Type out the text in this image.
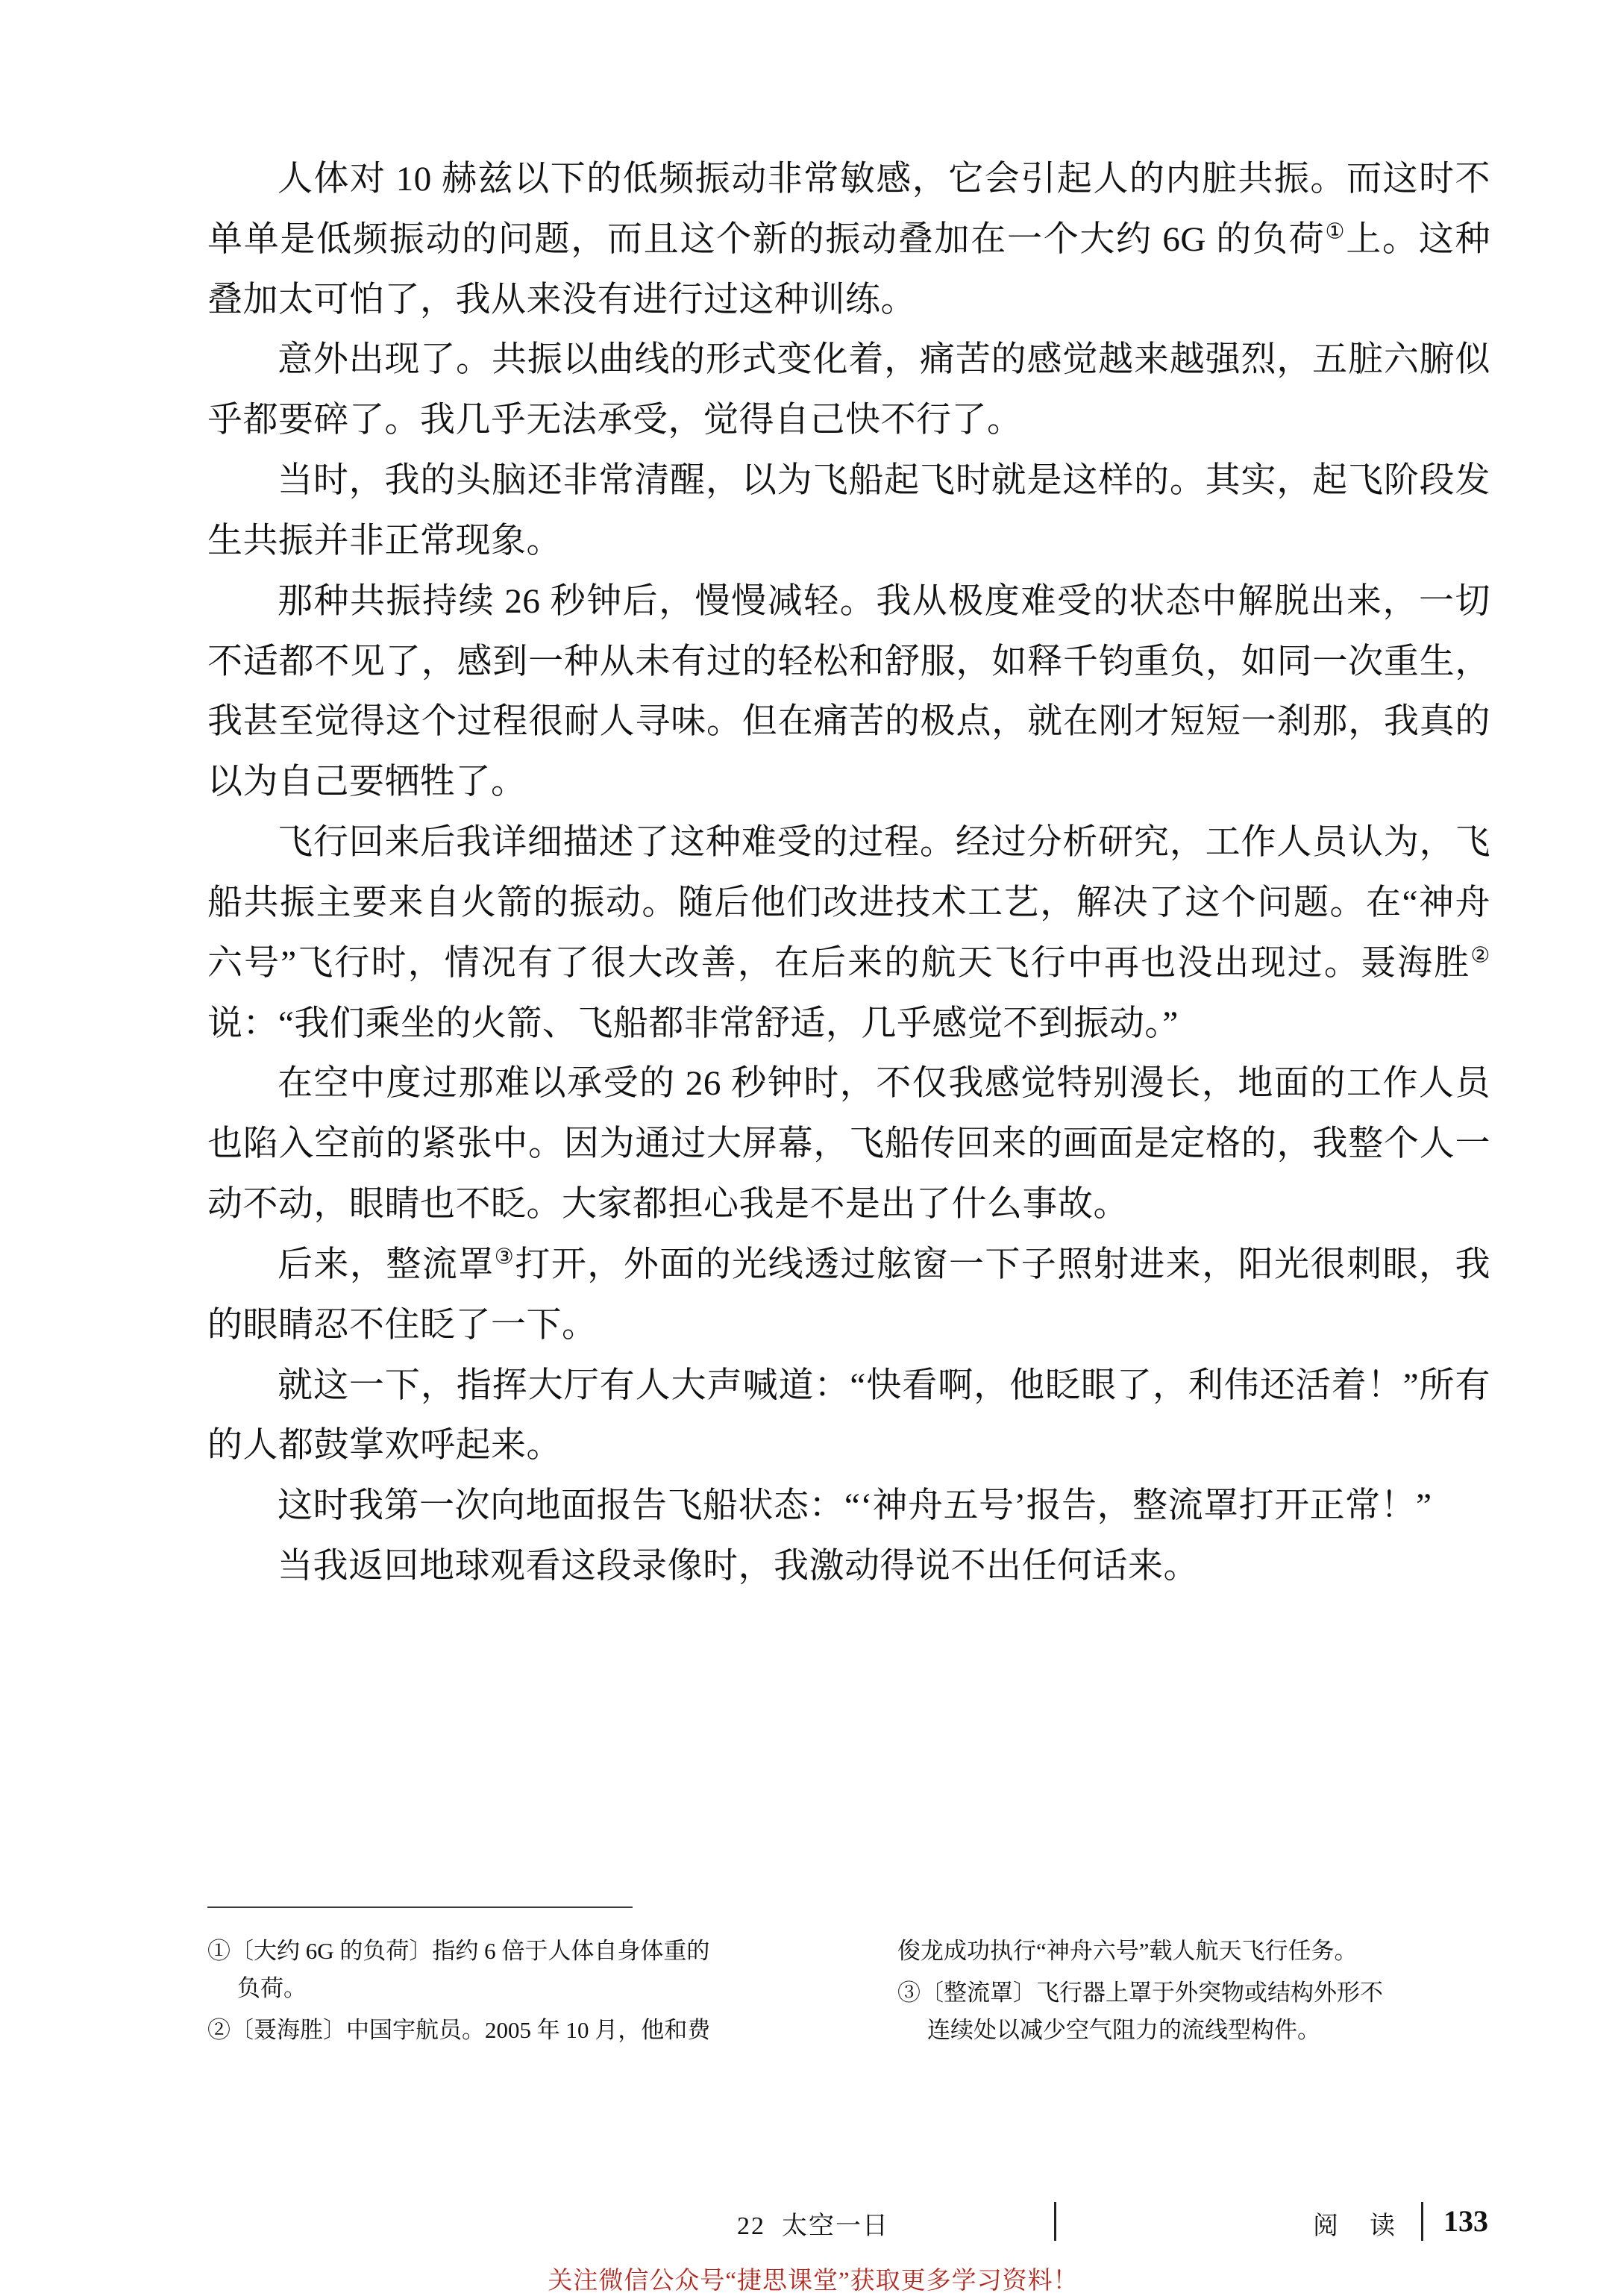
人体对 10 赫兹以下的低频振动非常敏感，它会引起人的内脏共振。而这时不单单是低频振动的问题，而且这个新的振动叠加在一个大约 6G 的负荷①上。这种叠加太可怕了，我从来没有进行过这种训练。

意外出现了。共振以曲线的形式变化着，痛苦的感觉越来越强烈，五脏六腑似乎都要碎了。我几乎无法承受，觉得自己快不行了。

当时，我的头脑还非常清醒，以为飞船起飞时就是这样的。其实，起飞阶段发生共振并非正常现象。

那种共振持续 26 秒钟后，慢慢减轻。我从极度难受的状态中解脱出来，一切不适都不见了，感到一种从未有过的轻松和舒服，如释千钧重负，如同一次重生，我甚至觉得这个过程很耐人寻味。但在痛苦的极点，就在刚才短短一刹那，我真的以为自己要牺牲了。

飞行回来后我详细描述了这种难受的过程。经过分析研究，工作人员认为，飞船共振主要来自火箭的振动。随后他们改进技术工艺，解决了这个问题。在“神舟六号”飞行时，情况有了很大改善，在后来的航天飞行中再也没出现过。聂海胜②说：“我们乘坐的火箭、飞船都非常舒适，几乎感觉不到振动。”

在空中度过那难以承受的 26 秒钟时，不仅我感觉特别漫长，地面的工作人员也陷入空前的紧张中。因为通过大屏幕，飞船传回来的画面是定格的，我整个人一动不动，眼睛也不眨。大家都担心我是不是出了什么事故。

后来，整流罩③打开，外面的光线透过舷窗一下子照射进来，阳光很刺眼，我的眼睛忍不住眨了一下。

就这一下，指挥大厅有人大声喊道：“快看啊，他眨眼了，利伟还活着！”所有的人都鼓掌欢呼起来。

这时我第一次向地面报告飞船状态：“‘神舟五号’报告，整流罩打开正常！”

当我返回地球观看这段录像时，我激动得说不出任何话来。

①〔大约 6G 的负荷〕指约 6 倍于人体自身体重的
负荷。

②〔聂海胜〕中国宇航员。2005 年 10 月，他和费

俊龙成功执行“神舟六号”载人航天飞行任务。

③〔整流罩〕飞行器上罩于外突物或结构外形不
连续处以减少空气阻力的流线型构件。

22 太空一日	阅　读 133
关注微信公众号“捷思课堂”获取更多学习资料！
